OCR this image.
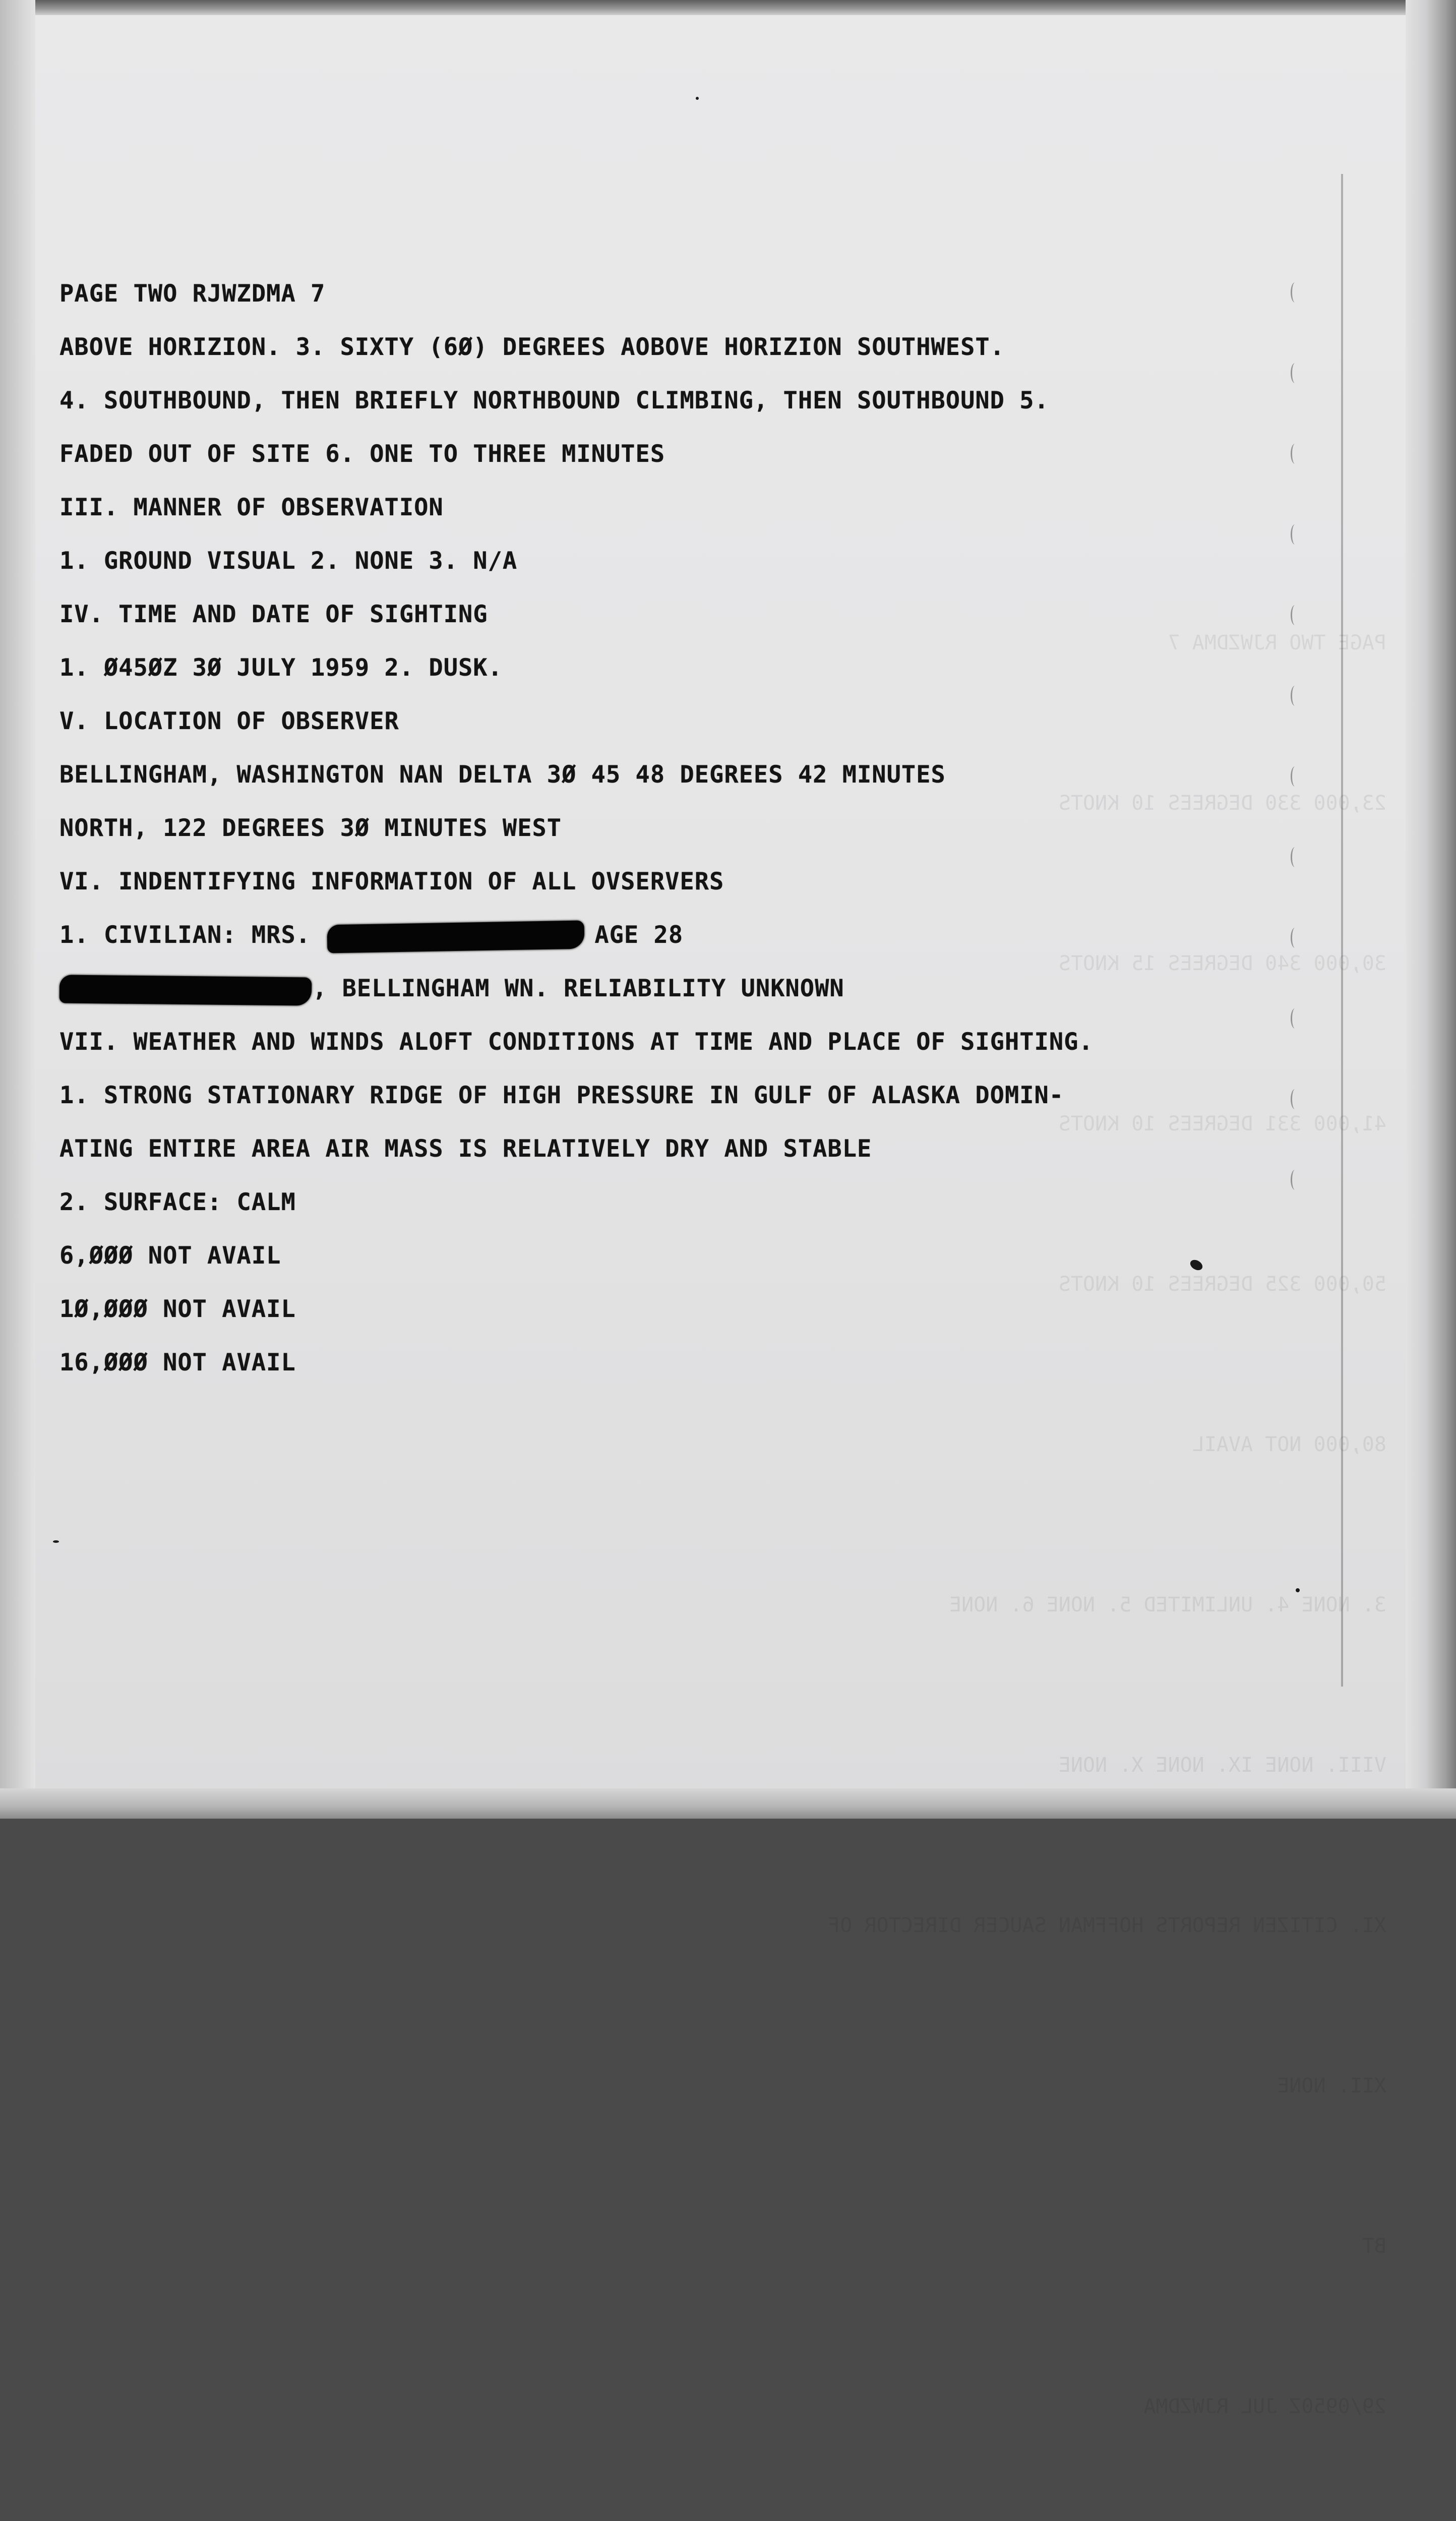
PAGE TWO RJWZDMA 7

23,000 330 DEGREES 10 KNOTS

30,000 340 DEGREES 15 KNOTS

41,000 331 DEGREES 10 KNOTS

50,000 325 DEGREES 10 KNOTS

80,000 NOT AVAIL

3. NONE 4. UNLIMITED 5. NONE 6. NONE

VIII. NONE IX. NONE X. NONE

XI. CITIZEN REPORTS HOFFMAN SAUCER DIRECTOR OF

XII. NONE

BT

29/0950Z JUL RJWZDMA

PAGE TWO RJWZDMA 7
ABOVE HORIZION. 3. SIXTY (6Ø) DEGREES AOBOVE HORIZION SOUTHWEST.
4. SOUTHBOUND, THEN BRIEFLY NORTHBOUND CLIMBING, THEN SOUTHBOUND 5.
FADED OUT OF SITE 6. ONE TO THREE MINUTES
III. MANNER OF OBSERVATION
1. GROUND VISUAL 2. NONE 3. N/A
IV. TIME AND DATE OF SIGHTING
1. Ø45ØZ 3Ø JULY 1959 2. DUSK.
V. LOCATION OF OBSERVER
BELLINGHAM, WASHINGTON NAN DELTA 3Ø 45 48 DEGREES 42 MINUTES
NORTH, 122 DEGREES 3Ø MINUTES WEST
VI. INDENTIFYING INFORMATION OF ALL OVSERVERS
1. CIVILIAN: MRS.	AGE 28
, BELLINGHAM WN. RELIABILITY UNKNOWN
VII. WEATHER AND WINDS ALOFT CONDITIONS AT TIME AND PLACE OF SIGHTING.
1. STRONG STATIONARY RIDGE OF HIGH PRESSURE IN GULF OF ALASKA DOMIN-
ATING ENTIRE AREA AIR MASS IS RELATIVELY DRY AND STABLE
2. SURFACE: CALM
6,ØØØ NOT AVAIL
1Ø,ØØØ NOT AVAIL
16,ØØØ NOT AVAIL
